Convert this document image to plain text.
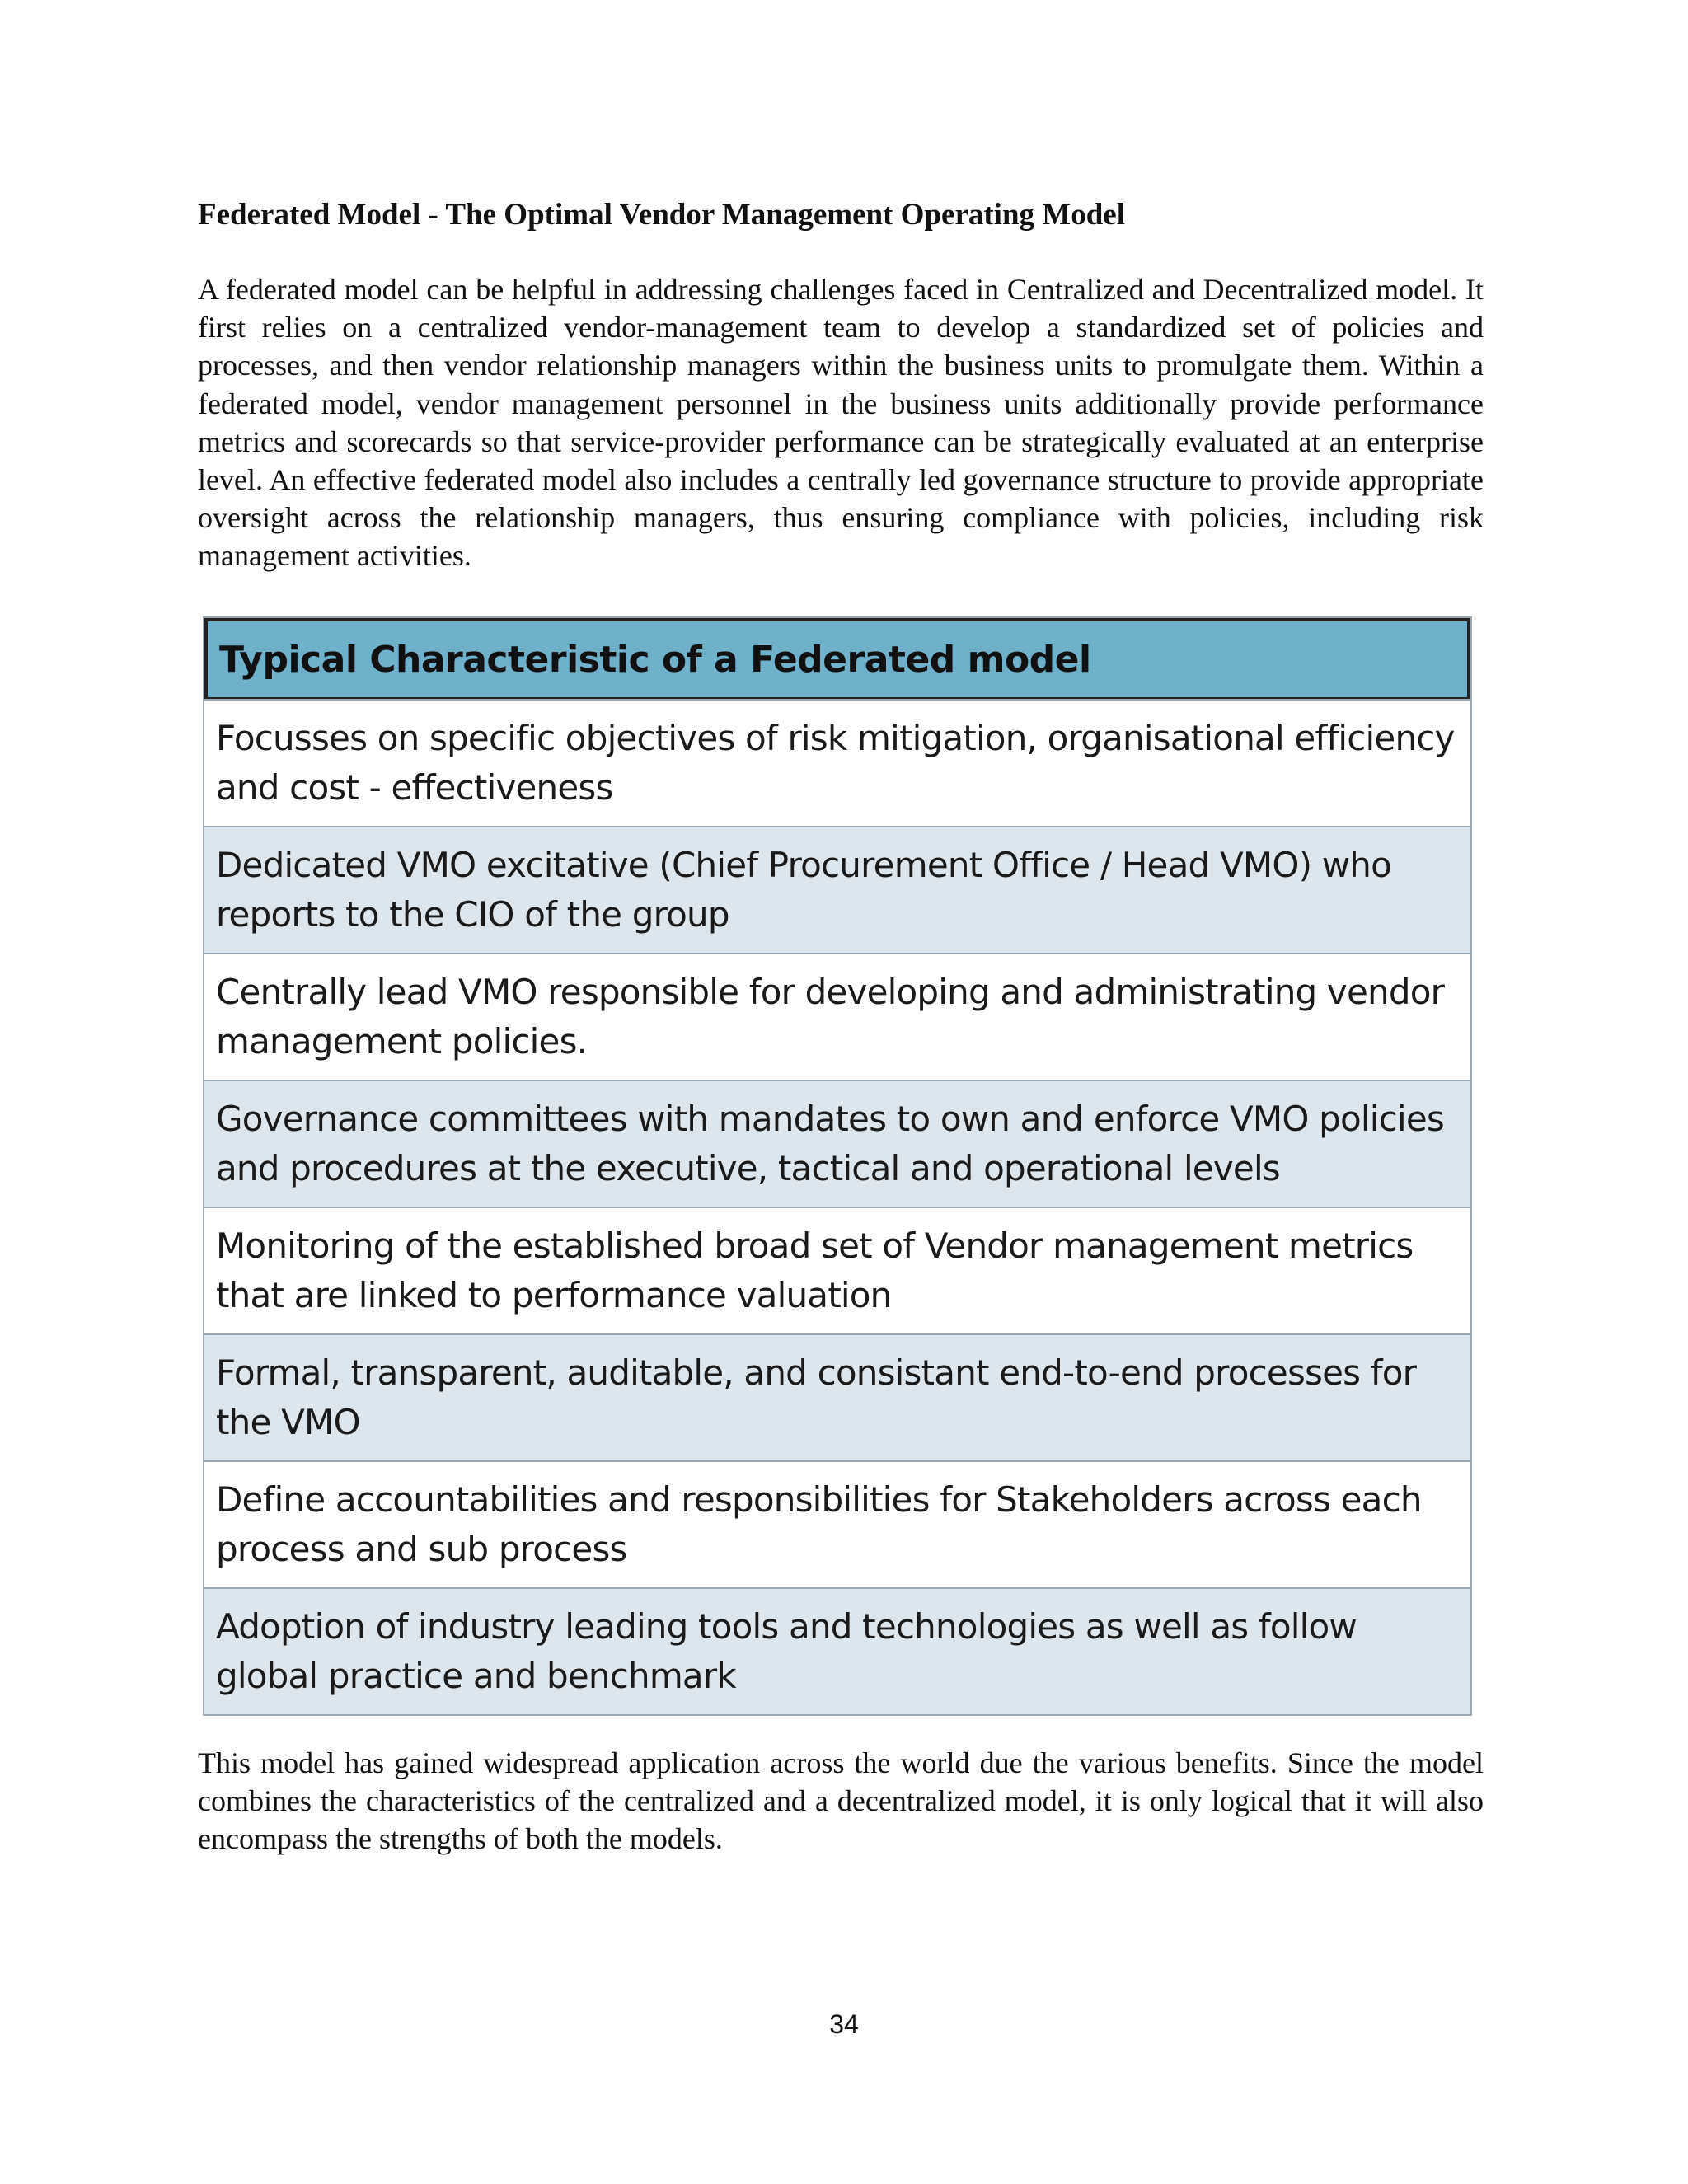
Federated Model - The Optimal Vendor Management Operating Model

A federated model can be helpful in addressing challenges faced in Centralized and Decentralized model. It first relies on a centralized vendor-management team to develop a standardized set of policies and processes, and then vendor relationship managers within the business units to promulgate them. Within a federated model, vendor management personnel in the business units additionally provide performance metrics and scorecards so that service-provider performance can be strategically evaluated at an enterprise level. An effective federated model also includes a centrally led governance structure to provide appropriate oversight across the relationship managers, thus ensuring compliance with policies, including risk management activities.

Typical Characteristic of a Federated model
Focusses on specific objectives of risk mitigation, organisational efficiency and cost - effectiveness
Dedicated VMO excitative (Chief Procurement Office / Head VMO) who reports to the CIO of the group
Centrally lead VMO responsible for developing and administrating vendor management policies.
Governance committees with mandates to own and enforce VMO policies and procedures at the executive, tactical and operational levels
Monitoring of the established broad set of Vendor management metrics that are linked to performance valuation
Formal, transparent, auditable, and consistant end-to-end processes for the VMO
Define accountabilities and responsibilities for Stakeholders across each process and sub process
Adoption of industry leading tools and technologies as well as follow global practice and benchmark

This model has gained widespread application across the world due the various benefits. Since the model combines the characteristics of the centralized and a decentralized model, it is only logical that it will also encompass the strengths of both the models.

34
